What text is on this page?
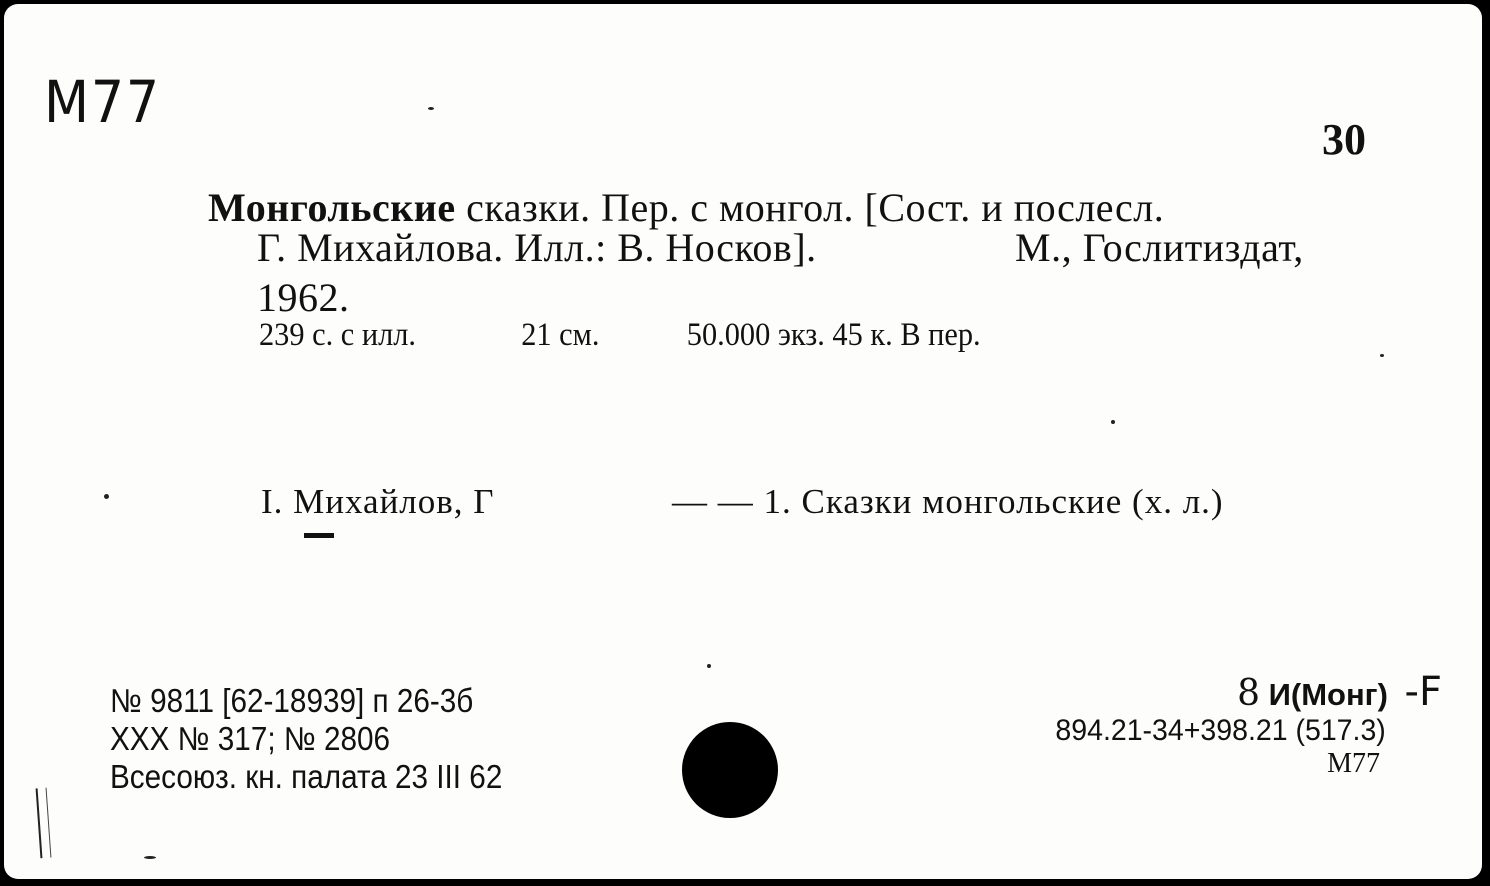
М77
30
Монгольские сказки. Пер. с монгол. [Сост. и послесл.
Г. Михайлова. Илл.: В. Носков].	М., Гослитиздат,
1962.
239 с. с илл.	21 см.	50.000 экз. 45 к. В пер.
I. Михайлов, Г	— — 1. Сказки монгольские (х. л.)
№ 9811 [62-18939] п 26-3б
XXX № 317; № 2806
Всесоюз. кн. палата 23 III 62
8 И(Монг) -F
894.21-34+398.21 (517.3)
М77
